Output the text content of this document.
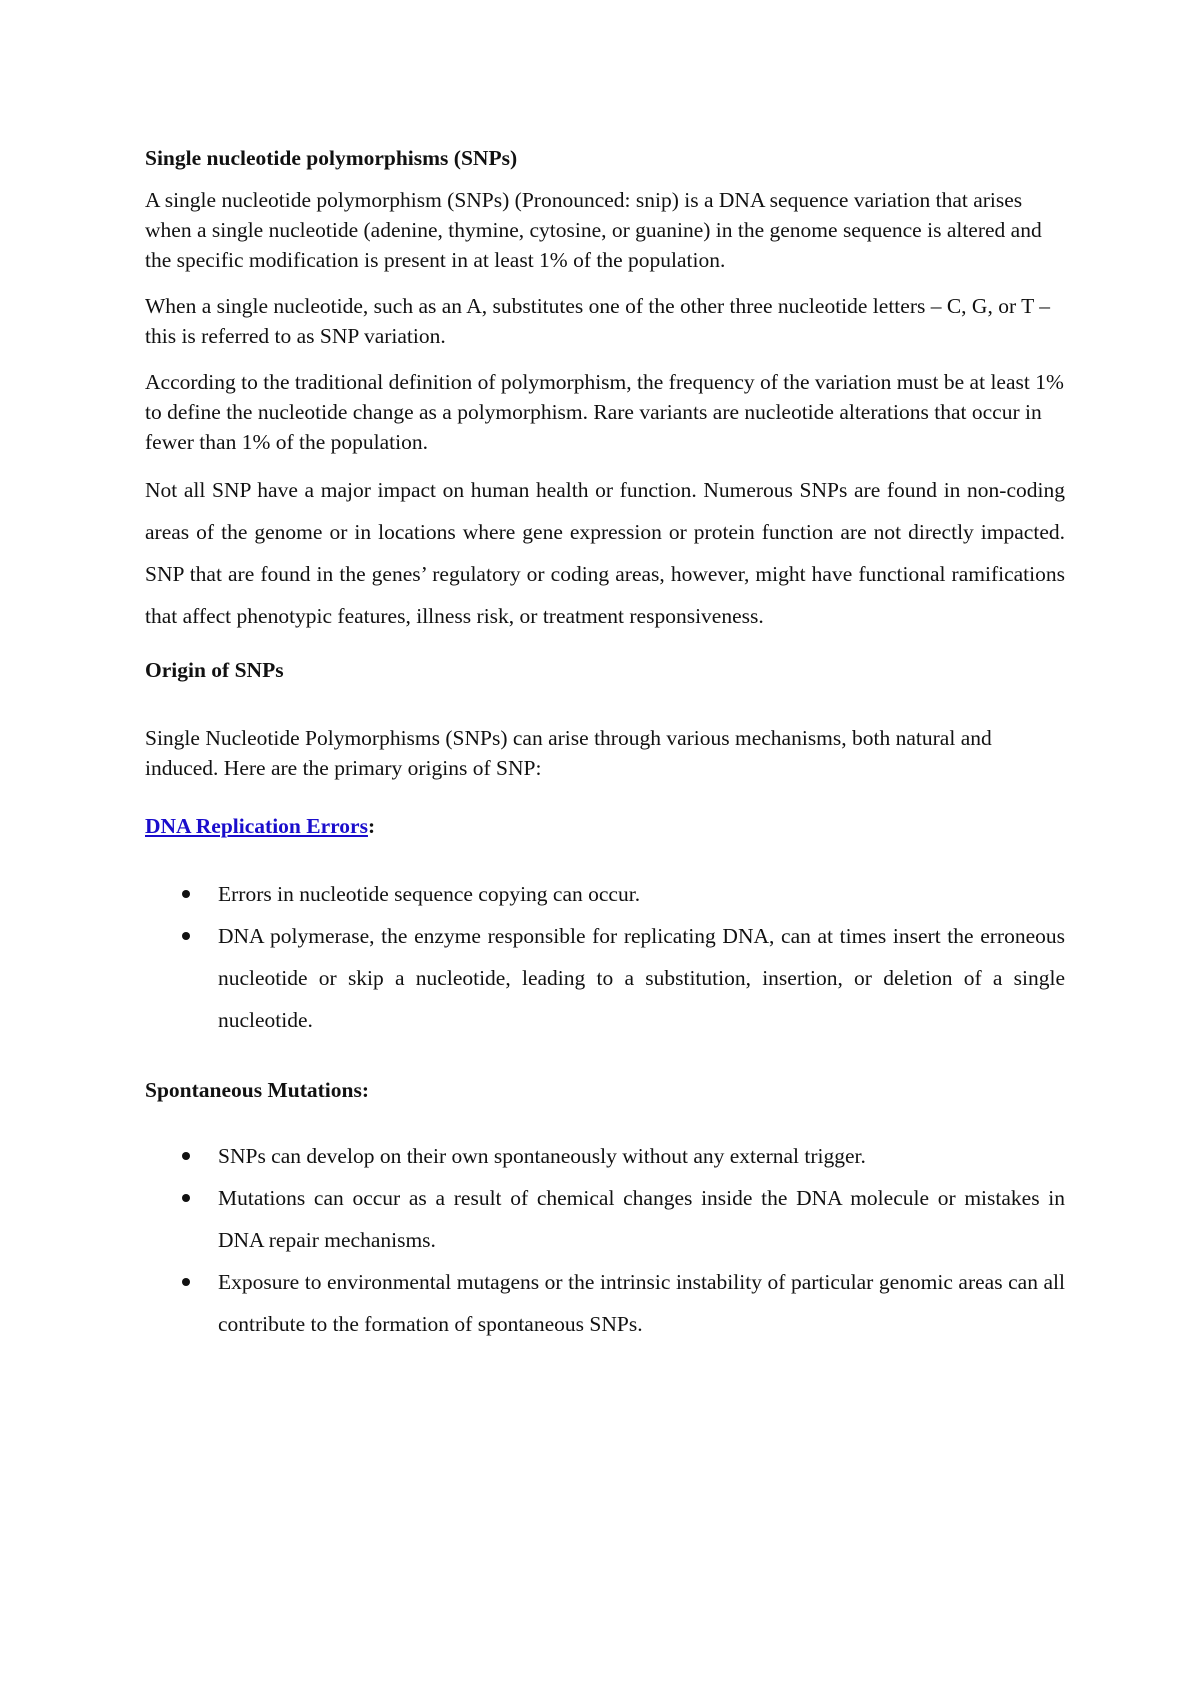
Single nucleotide polymorphisms (SNPs)

A single nucleotide polymorphism (SNPs) (Pronounced: snip) is a DNA sequence variation that arises when a single nucleotide (adenine, thymine, cytosine, or guanine) in the genome sequence is altered and the specific modification is present in at least 1% of the population.

When a single nucleotide, such as an A, substitutes one of the other three nucleotide letters – C, G, or T – this is referred to as SNP variation.

According to the traditional definition of polymorphism, the frequency of the variation must be at least 1% to define the nucleotide change as a polymorphism. Rare variants are nucleotide alterations that occur in fewer than 1% of the population.

Not all SNP have a major impact on human health or function. Numerous SNPs are found in non-coding areas of the genome or in locations where gene expression or protein function are not directly impacted. SNP that are found in the genes’ regulatory or coding areas, however, might have functional ramifications that affect phenotypic features, illness risk, or treatment responsiveness.

Origin of SNPs

Single Nucleotide Polymorphisms (SNPs) can arise through various mechanisms, both natural and induced. Here are the primary origins of SNP:

DNA Replication Errors:

Errors in nucleotide sequence copying can occur.
DNA polymerase, the enzyme responsible for replicating DNA, can at times insert the erroneous nucleotide or skip a nucleotide, leading to a substitution, insertion, or deletion of a single nucleotide.

Spontaneous Mutations:

SNPs can develop on their own spontaneously without any external trigger.
Mutations can occur as a result of chemical changes inside the DNA molecule or mistakes in DNA repair mechanisms.
Exposure to environmental mutagens or the intrinsic instability of particular genomic areas can all contribute to the formation of spontaneous SNPs.
